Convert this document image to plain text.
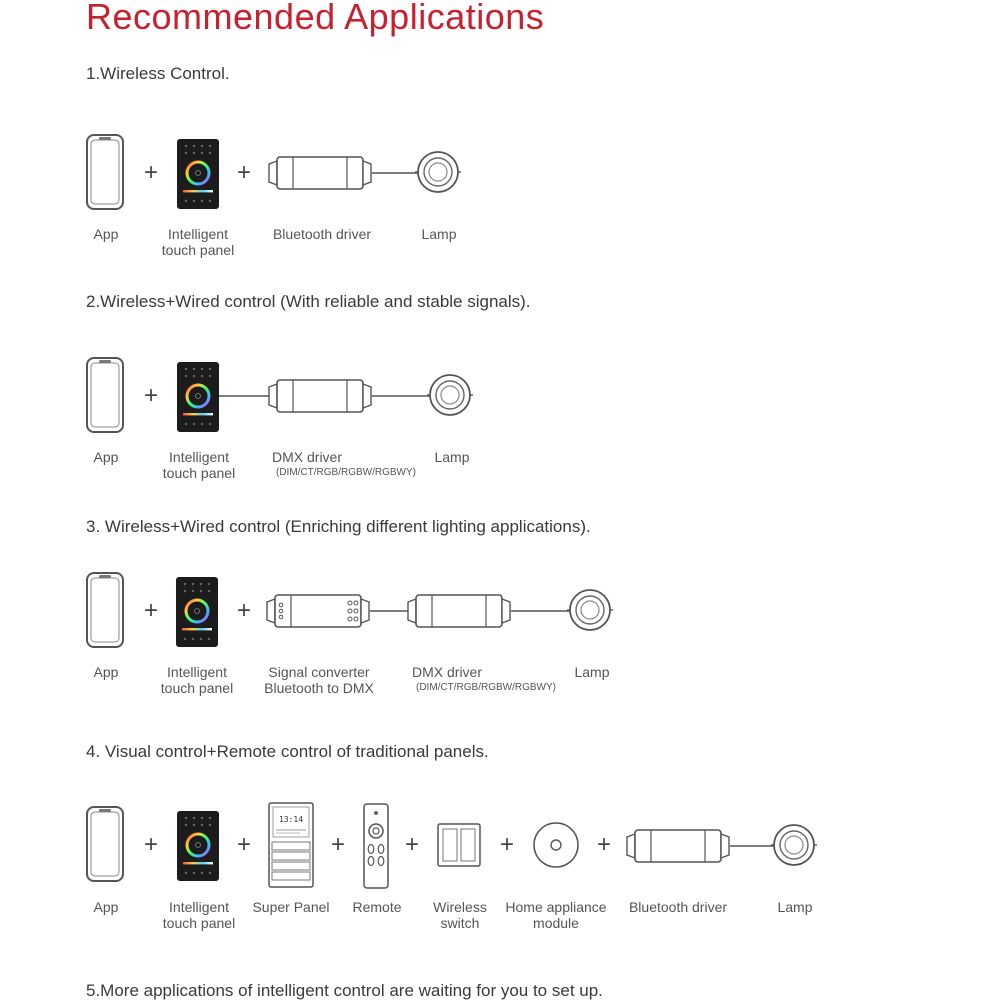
Recommended Applications
1.Wireless Control.
+	+
App	Intelligent
touch panel
Bluetooth driver	Lamp
2.Wireless+Wired control (With reliable and stable signals).
+
App	Intelligent
touch panel
DMX driver
(DIM/CT/RGB/RGBW/RGBWY)
Lamp
3. Wireless+Wired control (Enriching different lighting applications).
+	+
App	Intelligent
touch panel
Signal converter
Bluetooth to DMX
DMX driver
(DIM/CT/RGB/RGBW/RGBWY)
Lamp
4. Visual control+Remote control of traditional panels.
+	+
13:14
+ +	+	+
App	Intelligent
touch panel
Super Panel Remote Wireless
switch
Home appliance
module
Bluetooth driver	Lamp
5.More applications of intelligent control are waiting for you to set up.
